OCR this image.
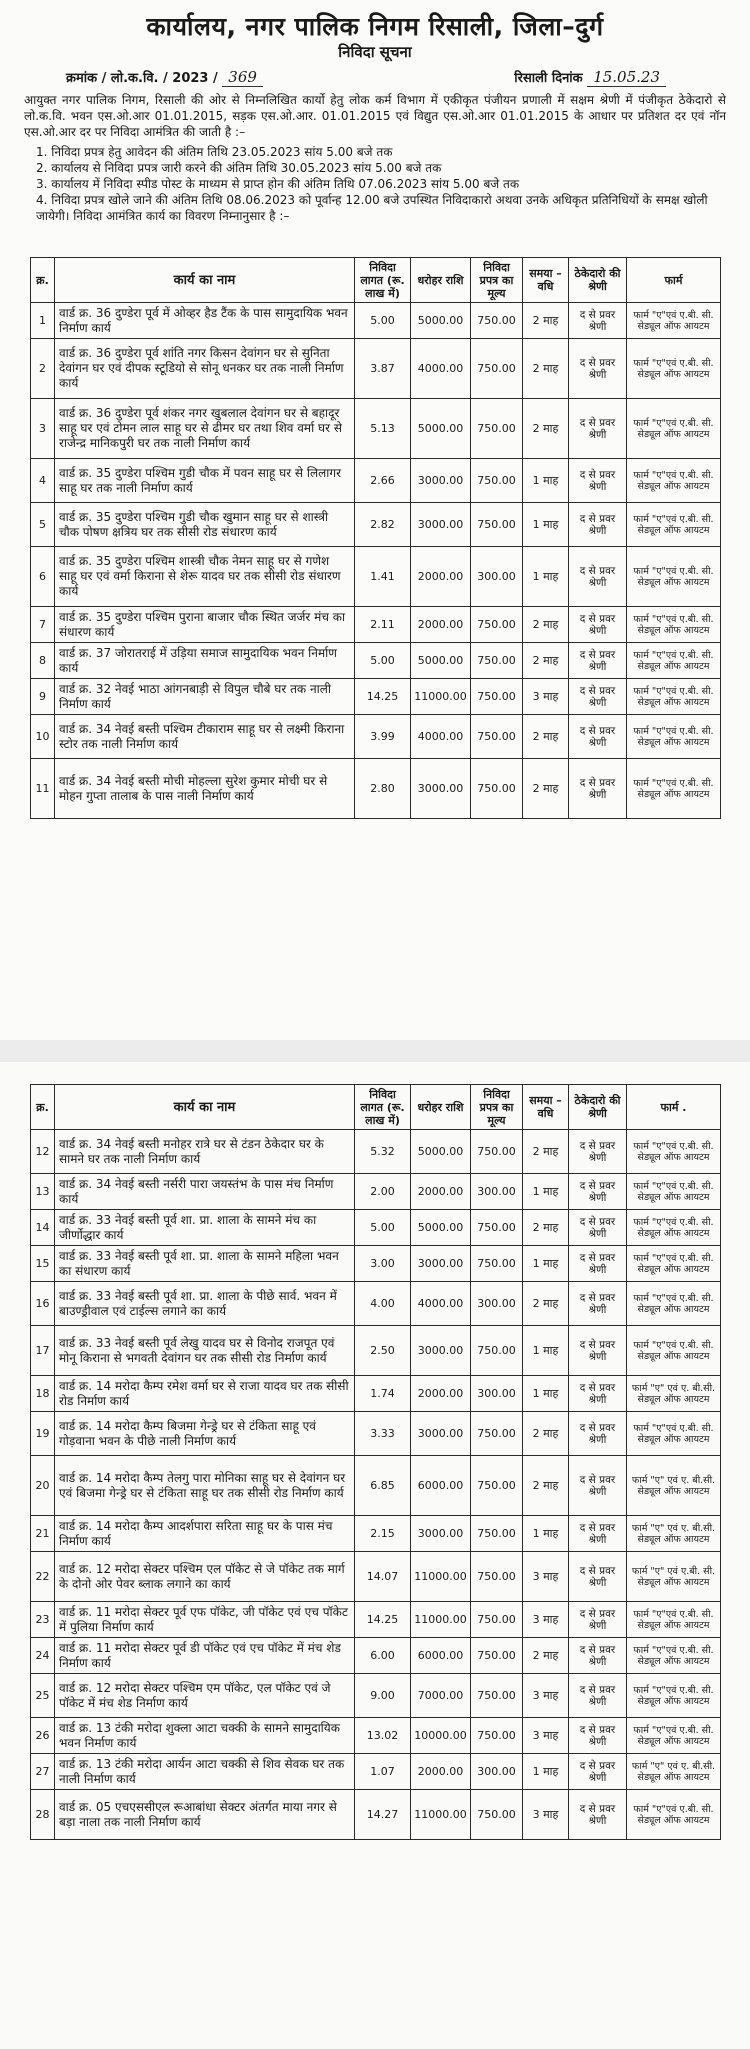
कार्यालय, नगर पालिक निगम रिसाली, जिला–दुर्ग
निविदा सूचना
क्रमांक / लो.क.वि. / 2023 / 369	रिसाली दिनांक 15.05.23

आयुक्त नगर पालिक निगम, रिसाली की ओर से निम्नलिखित कार्यो हेतु लोक कर्म विभाग में एकीकृत पंजीयन प्रणाली में सक्षम श्रेणी में पंजीकृत ठेकेदारो से लो.क.वि. भवन एस.ओ.आर 01.01.2015, सड़क एस.ओ.आर. 01.01.2015 एवं विद्युत एस.ओ.आर 01.01.2015 के आधार पर प्रतिशत दर एवं नॉन एस.ओ.आर दर पर निविदा आमंत्रित की जाती है :–

1. निविदा प्रपत्र हेतु आवेदन की अंतिम तिथि 23.05.2023 सांय 5.00 बजे तक
2. कार्यालय से निविदा प्रपत्र जारी करने की अंतिम तिथि 30.05.2023 सांय 5.00 बजे तक
3. कार्यालय में निविदा स्पीड पोस्ट के माध्यम से प्राप्त होन की अंतिम तिथि 07.06.2023 सांय 5.00 बजे तक
4. निविदा प्रपत्र खोले जाने की अंतिम तिथि 08.06.2023 को पूर्वान्ह 12.00 बजे उपस्थित निविदाकारो अथवा उनके अधिकृत प्रतिनिधियों के समक्ष खोली जायेगी। निविदा आमंत्रित कार्य का विवरण निम्नानुसार है :–
क्र.	कार्य का नाम	निविदा लागत (रू. लाख में)	धरोहर राशि	निविदा प्रपत्र का मूल्य	समया – वधि	ठेकेदारो की श्रेणी	फार्म
1	वार्ड क्र. 36 दुण्डेरा पूर्व में ओव्हर हैड टैंक के पास सामुदायिक भवन निर्माण कार्य	5.00	5000.00	750.00	2 माह	द से प्रवर श्रेणी	फार्म "ए"एवं ए.बी. सी. सेड्यूल ऑफ आयटम
2	वार्ड क्र. 36 दुण्डेरा पूर्व शांति नगर किसन देवांगन घर से सुनिता देवांगन घर एवं दीपक स्टूडियो से सोनू धनकर घर तक नाली निर्माण कार्य	3.87	4000.00	750.00	2 माह	द से प्रवर श्रेणी	फार्म "ए"एवं ए.बी. सी. सेड्यूल ऑफ आयटम
3	वार्ड क्र. 36 दुण्डेरा पूर्व शंकर नगर खुबलाल देवांगन घर से बहादूर साहू घर एवं टोमन लाल साहू घर से ढीमर घर तथा शिव वर्मा घर से राजेन्द्र मानिकपुरी घर तक नाली निर्माण कार्य	5.13	5000.00	750.00	2 माह	द से प्रवर श्रेणी	फार्म "ए"एवं ए.बी. सी. सेड्यूल ऑफ आयटम
4	वार्ड क्र. 35 दुण्डेरा पश्चिम गुडी चौक में पवन साहू घर से लिलागर साहू घर तक नाली निर्माण कार्य	2.66	3000.00	750.00	1 माह	द से प्रवर श्रेणी	फार्म "ए"एवं ए.बी. सी. सेड्यूल ऑफ आयटम
5	वार्ड क्र. 35 दुण्डेरा पश्चिम गुडी चौक खुमान साहू घर से शास्त्री चौक पोषण क्षत्रिय घर तक सीसी रोड संधारण कार्य	2.82	3000.00	750.00	1 माह	द से प्रवर श्रेणी	फार्म "ए"एवं ए.बी. सी. सेड्यूल ऑफ आयटम
6	वार्ड क्र. 35 दुण्डेरा पश्चिम शास्त्री चौक नेमन साहू घर से गणेश साहू घर एवं वर्मा किराना से शेरू यादव घर तक सीसी रोड संधारण कार्य	1.41	2000.00	300.00	1 माह	द से प्रवर श्रेणी	फार्म "ए"एवं ए.बी. सी. सेड्यूल ऑफ आयटम
7	वार्ड क्र. 35 दुण्डेरा पश्चिम पुराना बाजार चौक स्थित जर्जर मंच का संधारण कार्य	2.11	2000.00	750.00	2 माह	द से प्रवर श्रेणी	फार्म "ए"एवं ए.बी. सी. सेड्यूल ऑफ आयटम
8	वार्ड क्र. 37 जोरातराई में उड़िया समाज सामुदायिक भवन निर्माण कार्य	5.00	5000.00	750.00	2 माह	द से प्रवर श्रेणी	फार्म "ए"एवं ए.बी. सी. सेड्यूल ऑफ आयटम
9	वार्ड क्र. 32 नेवई भाठा आंगनबाड़ी से विपुल चौबे घर तक नाली निर्माण कार्य	14.25	11000.00	750.00	3 माह	द से प्रवर श्रेणी	फार्म "ए"एवं ए.बी. सी. सेड्यूल ऑफ आयटम
10	वार्ड क्र. 34 नेवई बस्ती पश्चिम टीकाराम साहू घर से लक्ष्मी किराना स्टोर तक नाली निर्माण कार्य	3.99	4000.00	750.00	2 माह	द से प्रवर श्रेणी	फार्म "ए"एवं ए.बी. सी. सेड्यूल ऑफ आयटम
11	वार्ड क्र. 34 नेवई बस्ती मोची मोहल्ला सुरेश कुमार मोची घर से मोहन गुप्ता तालाब के पास नाली निर्माण कार्य	2.80	3000.00	750.00	2 माह	द से प्रवर श्रेणी	फार्म "ए"एवं ए.बी. सी. सेड्यूल ऑफ आयटम
क्र.	कार्य का नाम	निविदा लागत (रू. लाख में)	धरोहर राशि	निविदा प्रपत्र का मूल्य	समया – वधि	ठेकेदारो की श्रेणी	फार्म .
12	वार्ड क्र. 34 नेवई बस्ती मनोहर रात्रे घर से टंडन ठेकेदार घर के सामने घर तक नाली निर्माण कार्य	5.32	5000.00	750.00	2 माह	द से प्रवर श्रेणी	फार्म "ए"एवं ए.बी. सी. सेड्यूल ऑफ आयटम
13	वार्ड क्र. 34 नेवई बस्ती नर्सरी पारा जयस्तंभ के पास मंच निर्माण कार्य	2.00	2000.00	300.00	1 माह	द से प्रवर श्रेणी	फार्म "ए"एवं ए.बी. सी. सेड्यूल ऑफ आयटम
14	वार्ड क्र. 33 नेवई बस्ती पूर्व शा. प्रा. शाला के सामने मंच का जीर्णोद्धार कार्य	5.00	5000.00	750.00	2 माह	द से प्रवर श्रेणी	फार्म "ए"एवं ए.बी. सी. सेड्यूल ऑफ आयटम
15	वार्ड क्र. 33 नेवई बस्ती पूर्व शा. प्रा. शाला के सामने महिला भवन का संधारण कार्य	3.00	3000.00	750.00	1 माह	द से प्रवर श्रेणी	फार्म "ए"एवं ए.बी. सी. सेड्यूल ऑफ आयटम
16	वार्ड क्र. 33 नेवई बस्ती पूर्व शा. प्रा. शाला के पीछे सार्व. भवन में बाउण्ड्रीवाल एवं टाईल्स लगाने का कार्य	4.00	4000.00	300.00	2 माह	द से प्रवर श्रेणी	फार्म "ए"एवं ए.बी. सी. सेड्यूल ऑफ आयटम
17	वार्ड क्र. 33 नेवई बस्ती पूर्व लेखु यादव घर से विनोद राजपूत एवं मोनू किराना से भगवती देवांगन घर तक सीसी रोड निर्माण कार्य	2.50	3000.00	750.00	1 माह	द से प्रवर श्रेणी	फार्म "ए"एवं ए.बी. सी. सेड्यूल ऑफ आयटम
18	वार्ड क्र. 14 मरोदा कैम्प रमेश वर्मा घर से राजा यादव घर तक सीसी रोड निर्माण कार्य	1.74	2000.00	300.00	1 माह	द से प्रवर श्रेणी	फार्म "ए" एवं ए. बी.सी. सेड्यूल ऑफ आयटम
19	वार्ड क्र. 14 मरोदा कैम्प बिजमा गेन्ड्रे घर से टंकिता साहू एवं गोड़वाना भवन के पीछे नाली निर्माण कार्य	3.33	3000.00	750.00	2 माह	द से प्रवर श्रेणी	फार्म "ए"एवं ए.बी. सी. सेड्यूल ऑफ आयटम
20	वार्ड क्र. 14 मरोदा कैम्प तेलगु पारा मोनिका साहू घर से देवांगन घर एवं बिजमा गेन्ड्रे घर से टंकिता साहू घर तक सीसी रोड निर्माण कार्य	6.85	6000.00	750.00	2 माह	द से प्रवर श्रेणी	फार्म "ए" एवं ए. बी.सी. सेड्यूल ऑफ आयटम
21	वार्ड क्र. 14 मरोदा कैम्प आदर्शपारा सरिता साहू घर के पास मंच निर्माण कार्य	2.15	3000.00	750.00	1 माह	द से प्रवर श्रेणी	फार्म "ए" एवं ए. बी.सी. सेड्यूल ऑफ आयटम
22	वार्ड क्र. 12 मरोदा सेक्टर पश्चिम एल पॉकेट से जे पॉकेट तक मार्ग के दोनो ओर पेवर ब्लाक लगाने का कार्य	14.07	11000.00	750.00	3 माह	द से प्रवर श्रेणी	फार्म "ए" एवं ए.बी. सी. सेड्यूल ऑफ आयटम
23	वार्ड क्र. 11 मरोदा सेक्टर पूर्व एफ पॉकेट, जी पॉकेट एवं एच पॉकेट में पुलिया निर्माण कार्य	14.25	11000.00	750.00	3 माह	द से प्रवर श्रेणी	फार्म "ए"एवं ए.बी. सी. सेड्यूल ऑफ आयटम
24	वार्ड क्र. 11 मरोदा सेक्टर पूर्व डी पॉकेट एवं एच पॉकेट में मंच शेड निर्माण कार्य	6.00	6000.00	750.00	2 माह	द से प्रवर श्रेणी	फार्म "ए"एवं ए.बी. सी. सेड्यूल ऑफ आयटम
25	वार्ड क्र. 12 मरोदा सेक्टर पश्चिम एम पॉकेट, एल पॉकेट एवं जे पॉकेट में मंच शेड निर्माण कार्य	9.00	7000.00	750.00	3 माह	द से प्रवर श्रेणी	फार्म "ए"एवं ए.बी. सी. सेड्यूल ऑफ आयटम
26	वार्ड क्र. 13 टंकी मरोदा शुक्ला आटा चक्की के सामने सामुदायिक भवन निर्माण कार्य	13.02	10000.00	750.00	3 माह	द से प्रवर श्रेणी	फार्म "ए"एवं ए.बी. सी. सेड्यूल ऑफ आयटम
27	वार्ड क्र. 13 टंकी मरोदा आर्यन आटा चक्की से शिव सेवक घर तक नाली निर्माण कार्य	1.07	2000.00	300.00	1 माह	द से प्रवर श्रेणी	फार्म "ए" एवं ए. बी.सी. सेड्यूल ऑफ आयटम
28	वार्ड क्र. 05 एचएससीएल रूआबांधा सेक्टर अंतर्गत माया नगर से बड़ा नाला तक नाली निर्माण कार्य	14.27	11000.00	750.00	3 माह	द से प्रवर श्रेणी	फार्म "ए"एवं ए.बी. सी. सेड्यूल ऑफ आयटम
